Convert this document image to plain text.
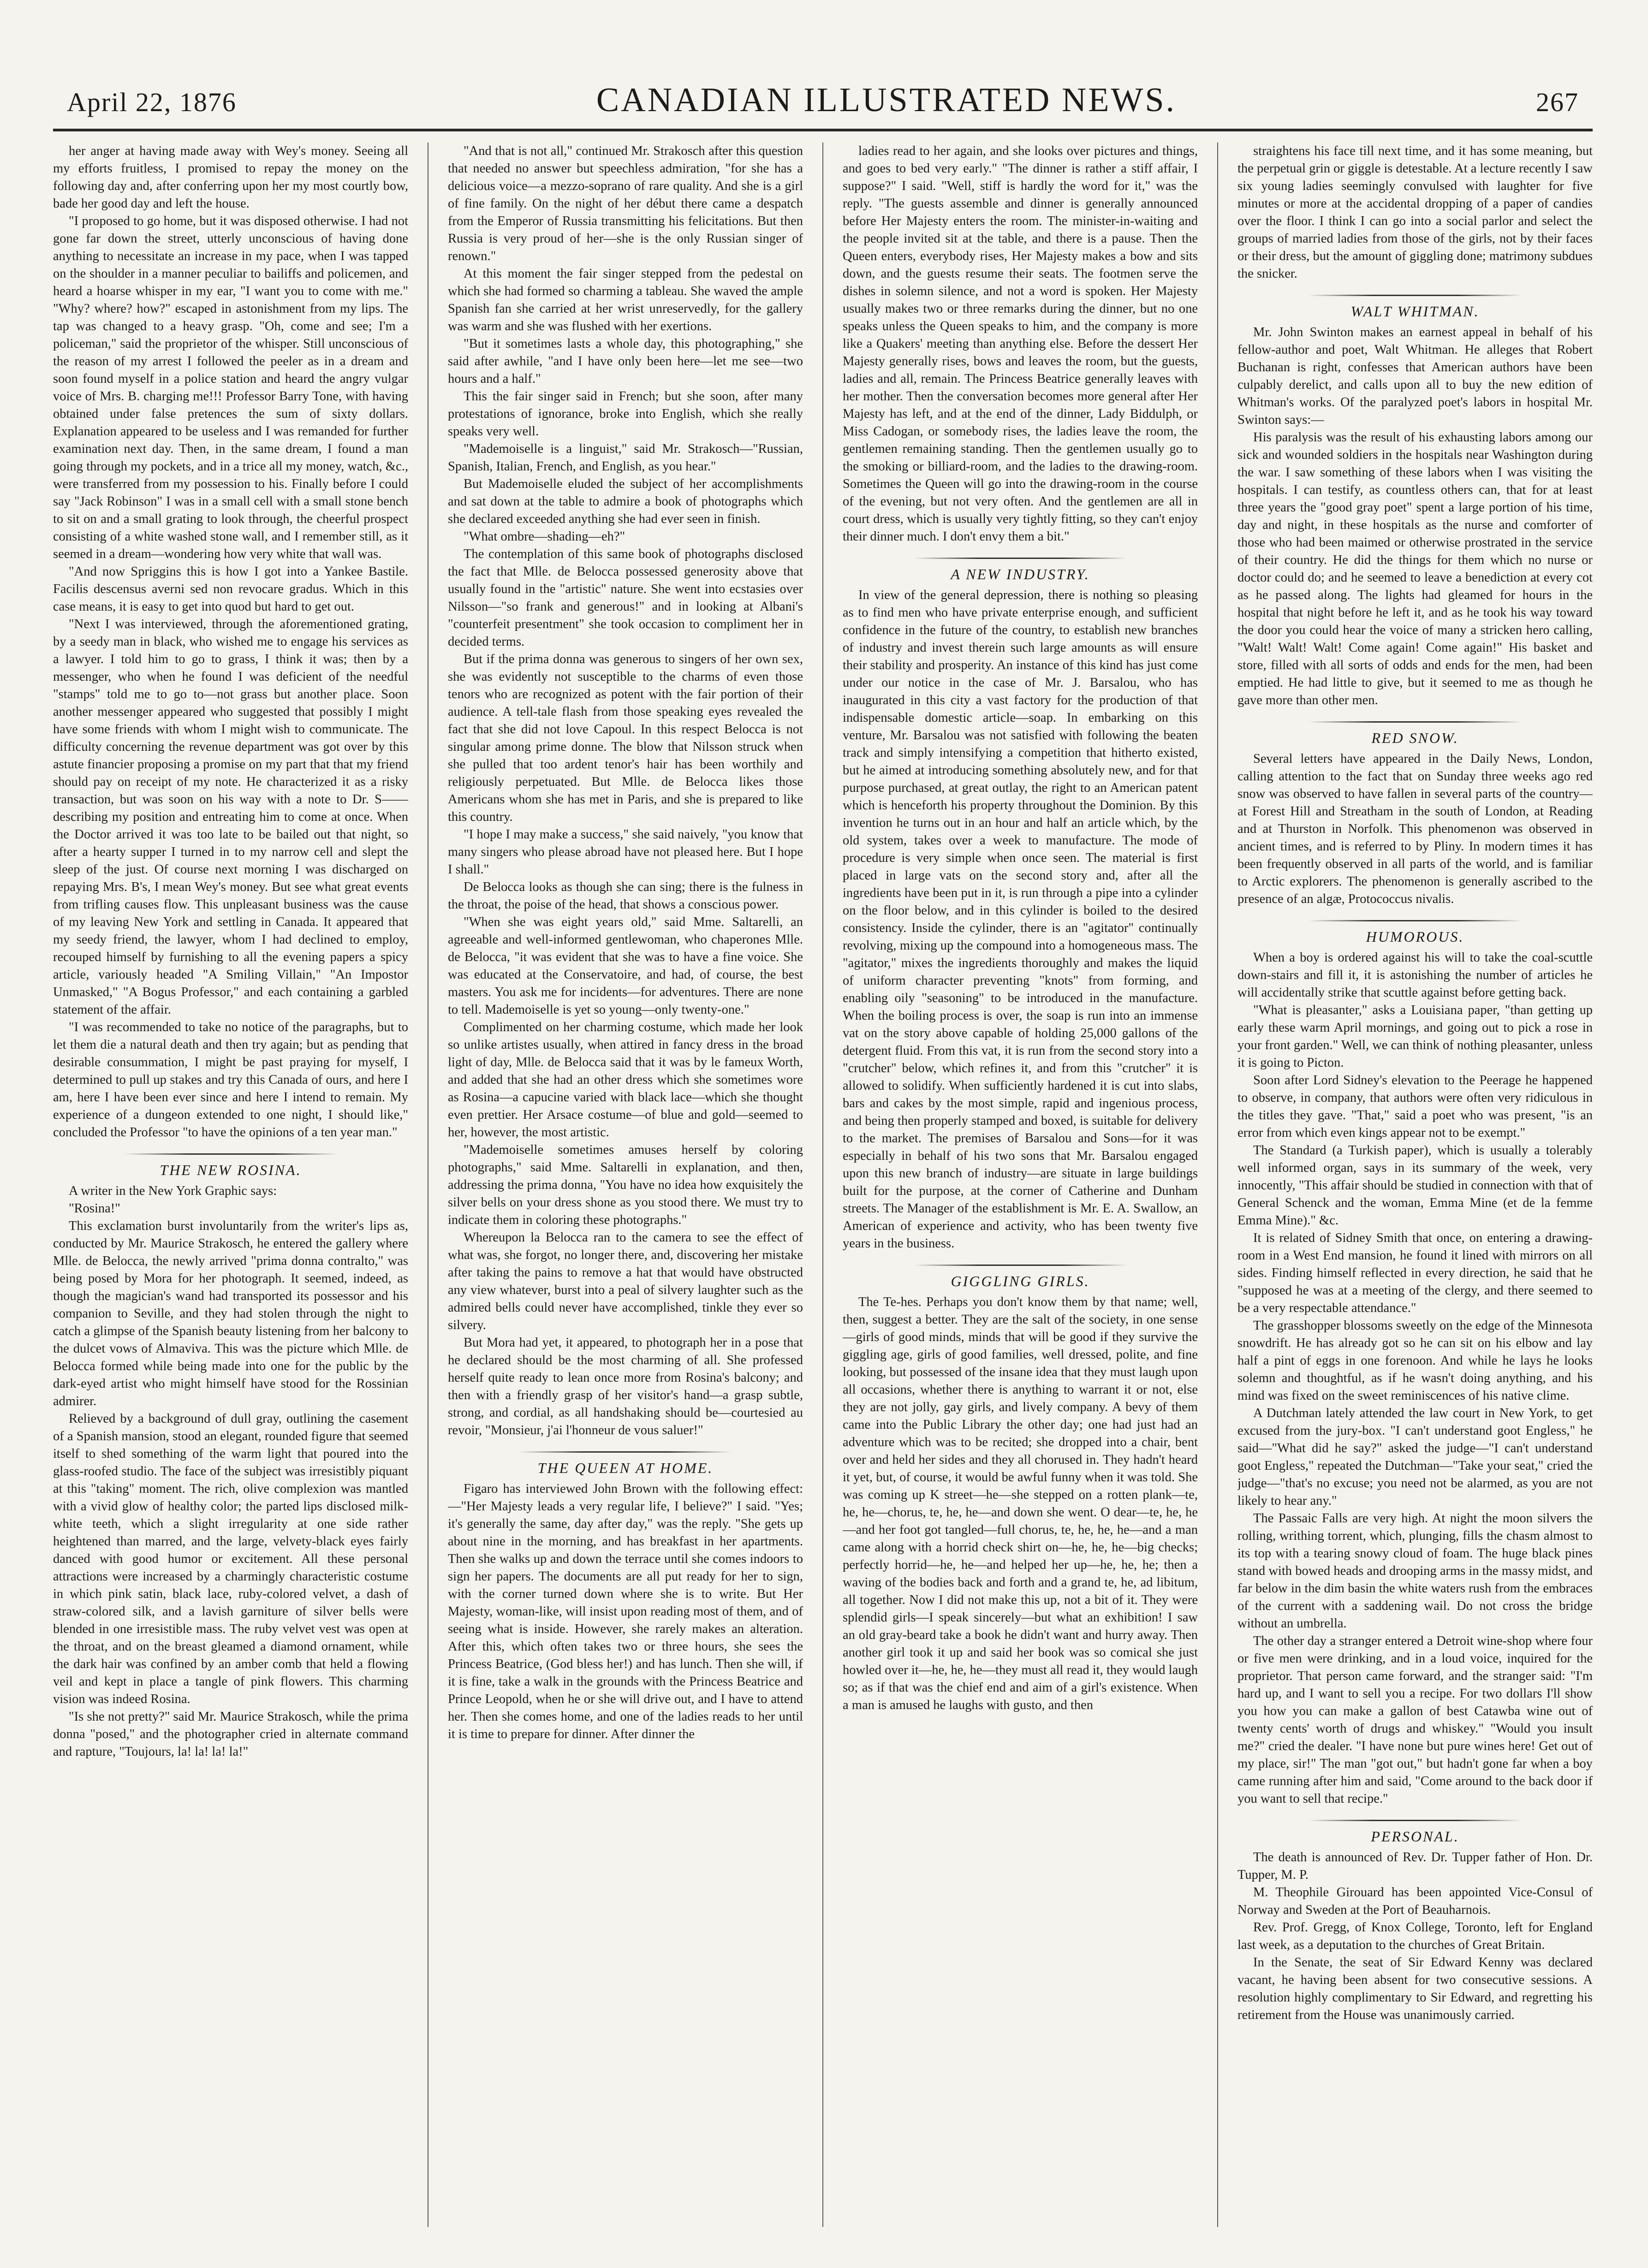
April 22, 1876	CANADIAN ILLUSTRATED NEWS.	267

her anger at having made away with Wey's money. Seeing all my efforts fruitless, I promised to repay the money on the following day and, after conferring upon her my most courtly bow, bade her good day and left the house.

"I proposed to go home, but it was disposed otherwise. I had not gone far down the street, utterly unconscious of having done anything to necessitate an increase in my pace, when I was tapped on the shoulder in a manner peculiar to bailiffs and policemen, and heard a hoarse whisper in my ear, "I want you to come with me." "Why? where? how?" escaped in astonishment from my lips. The tap was changed to a heavy grasp. "Oh, come and see; I'm a policeman," said the proprietor of the whisper. Still unconscious of the reason of my arrest I followed the peeler as in a dream and soon found myself in a police station and heard the angry vulgar voice of Mrs. B. charging me!!! Professor Barry Tone, with having obtained under false pretences the sum of sixty dollars. Explanation appeared to be useless and I was remanded for further examination next day. Then, in the same dream, I found a man going through my pockets, and in a trice all my money, watch, &c., were transferred from my possession to his. Finally before I could say "Jack Robinson" I was in a small cell with a small stone bench to sit on and a small grating to look through, the cheerful prospect consisting of a white washed stone wall, and I remember still, as it seemed in a dream—wondering how very white that wall was.

"And now Spriggins this is how I got into a Yankee Bastile. Facilis descensus averni sed non revocare gradus. Which in this case means, it is easy to get into quod but hard to get out.

"Next I was interviewed, through the aforementioned grating, by a seedy man in black, who wished me to engage his services as a lawyer. I told him to go to grass, I think it was; then by a messenger, who when he found I was deficient of the needful "stamps" told me to go to—not grass but another place. Soon another messenger appeared who suggested that possibly I might have some friends with whom I might wish to communicate. The difficulty concerning the revenue department was got over by this astute financier proposing a promise on my part that that my friend should pay on receipt of my note. He characterized it as a risky transaction, but was soon on his way with a note to Dr. S—— describing my position and entreating him to come at once. When the Doctor arrived it was too late to be bailed out that night, so after a hearty supper I turned in to my narrow cell and slept the sleep of the just. Of course next morning I was discharged on repaying Mrs. B's, I mean Wey's money. But see what great events from trifling causes flow. This unpleasant business was the cause of my leaving New York and settling in Canada. It appeared that my seedy friend, the lawyer, whom I had declined to employ, recouped himself by furnishing to all the evening papers a spicy article, variously headed "A Smiling Villain," "An Impostor Unmasked," "A Bogus Professor," and each containing a garbled statement of the affair.

"I was recommended to take no notice of the paragraphs, but to let them die a natural death and then try again; but as pending that desirable consummation, I might be past praying for myself, I determined to pull up stakes and try this Canada of ours, and here I am, here I have been ever since and here I intend to remain. My experience of a dungeon extended to one night, I should like," concluded the Professor "to have the opinions of a ten year man."

THE NEW ROSINA.

A writer in the New York Graphic says:

"Rosina!"

This exclamation burst involuntarily from the writer's lips as, conducted by Mr. Maurice Strakosch, he entered the gallery where Mlle. de Belocca, the newly arrived "prima donna contralto," was being posed by Mora for her photograph. It seemed, indeed, as though the magician's wand had transported its possessor and his companion to Seville, and they had stolen through the night to catch a glimpse of the Spanish beauty listening from her balcony to the dulcet vows of Almaviva. This was the picture which Mlle. de Belocca formed while being made into one for the public by the dark-eyed artist who might himself have stood for the Rossinian admirer.

Relieved by a background of dull gray, outlining the casement of a Spanish mansion, stood an elegant, rounded figure that seemed itself to shed something of the warm light that poured into the glass-roofed studio. The face of the subject was irresistibly piquant at this "taking" moment. The rich, olive complexion was mantled with a vivid glow of healthy color; the parted lips disclosed milk-white teeth, which a slight irregularity at one side rather heightened than marred, and the large, velvety-black eyes fairly danced with good humor or excitement. All these personal attractions were increased by a charmingly characteristic costume in which pink satin, black lace, ruby-colored velvet, a dash of straw-colored silk, and a lavish garniture of silver bells were blended in one irresistible mass. The ruby velvet vest was open at the throat, and on the breast gleamed a diamond ornament, while the dark hair was confined by an amber comb that held a flowing veil and kept in place a tangle of pink flowers. This charming vision was indeed Rosina.

"Is she not pretty?" said Mr. Maurice Strakosch, while the prima donna "posed," and the photographer cried in alternate command and rapture, "Toujours, la! la! la! la!"

"And that is not all," continued Mr. Strakosch after this question that needed no answer but speechless admiration, "for she has a delicious voice—a mezzo-soprano of rare quality. And she is a girl of fine family. On the night of her début there came a despatch from the Emperor of Russia transmitting his felicitations. But then Russia is very proud of her—she is the only Russian singer of renown."

At this moment the fair singer stepped from the pedestal on which she had formed so charming a tableau. She waved the ample Spanish fan she carried at her wrist unreservedly, for the gallery was warm and she was flushed with her exertions.

"But it sometimes lasts a whole day, this photographing," she said after awhile, "and I have only been here—let me see—two hours and a half."

This the fair singer said in French; but she soon, after many protestations of ignorance, broke into English, which she really speaks very well.

"Mademoiselle is a linguist," said Mr. Strakosch—"Russian, Spanish, Italian, French, and English, as you hear."

But Mademoiselle eluded the subject of her accomplishments and sat down at the table to admire a book of photographs which she declared exceeded anything she had ever seen in finish.

"What ombre—shading—eh?"

The contemplation of this same book of photographs disclosed the fact that Mlle. de Belocca possessed generosity above that usually found in the "artistic" nature. She went into ecstasies over Nilsson—"so frank and generous!" and in looking at Albani's "counterfeit presentment" she took occasion to compliment her in decided terms.

But if the prima donna was generous to singers of her own sex, she was evidently not susceptible to the charms of even those tenors who are recognized as potent with the fair portion of their audience. A tell-tale flash from those speaking eyes revealed the fact that she did not love Capoul. In this respect Belocca is not singular among prime donne. The blow that Nilsson struck when she pulled that too ardent tenor's hair has been worthily and religiously perpetuated. But Mlle. de Belocca likes those Americans whom she has met in Paris, and she is prepared to like this country.

"I hope I may make a success," she said naively, "you know that many singers who please abroad have not pleased here. But I hope I shall."

De Belocca looks as though she can sing; there is the fulness in the throat, the poise of the head, that shows a conscious power.

"When she was eight years old," said Mme. Saltarelli, an agreeable and well-informed gentlewoman, who chaperones Mlle. de Belocca, "it was evident that she was to have a fine voice. She was educated at the Conservatoire, and had, of course, the best masters. You ask me for incidents—for adventures. There are none to tell. Mademoiselle is yet so young—only twenty-one."

Complimented on her charming costume, which made her look so unlike artistes usually, when attired in fancy dress in the broad light of day, Mlle. de Belocca said that it was by le fameux Worth, and added that she had an other dress which she sometimes wore as Rosina—a capucine varied with black lace—which she thought even prettier. Her Arsace costume—of blue and gold—seemed to her, however, the most artistic.

"Mademoiselle sometimes amuses herself by coloring photographs," said Mme. Saltarelli in explanation, and then, addressing the prima donna, "You have no idea how exquisitely the silver bells on your dress shone as you stood there. We must try to indicate them in coloring these photographs."

Whereupon la Belocca ran to the camera to see the effect of what was, she forgot, no longer there, and, discovering her mistake after taking the pains to remove a hat that would have obstructed any view whatever, burst into a peal of silvery laughter such as the admired bells could never have accomplished, tinkle they ever so silvery.

But Mora had yet, it appeared, to photograph her in a pose that he declared should be the most charming of all. She professed herself quite ready to lean once more from Rosina's balcony; and then with a friendly grasp of her visitor's hand—a grasp subtle, strong, and cordial, as all handshaking should be—courtesied au revoir, "Monsieur, j'ai l'honneur de vous saluer!"

THE QUEEN AT HOME.

Figaro has interviewed John Brown with the following effect:—"Her Majesty leads a very regular life, I believe?" I said. "Yes; it's generally the same, day after day," was the reply. "She gets up about nine in the morning, and has breakfast in her apartments. Then she walks up and down the terrace until she comes indoors to sign her papers. The documents are all put ready for her to sign, with the corner turned down where she is to write. But Her Majesty, woman-like, will insist upon reading most of them, and of seeing what is inside. However, she rarely makes an alteration. After this, which often takes two or three hours, she sees the Princess Beatrice, (God bless her!) and has lunch. Then she will, if it is fine, take a walk in the grounds with the Princess Beatrice and Prince Leopold, when he or she will drive out, and I have to attend her. Then she comes home, and one of the ladies reads to her until it is time to prepare for dinner. After dinner the

ladies read to her again, and she looks over pictures and things, and goes to bed very early." "The dinner is rather a stiff affair, I suppose?" I said. "Well, stiff is hardly the word for it," was the reply. "The guests assemble and dinner is generally announced before Her Majesty enters the room. The minister-in-waiting and the people invited sit at the table, and there is a pause. Then the Queen enters, everybody rises, Her Majesty makes a bow and sits down, and the guests resume their seats. The footmen serve the dishes in solemn silence, and not a word is spoken. Her Majesty usually makes two or three remarks during the dinner, but no one speaks unless the Queen speaks to him, and the company is more like a Quakers' meeting than anything else. Before the dessert Her Majesty generally rises, bows and leaves the room, but the guests, ladies and all, remain. The Princess Beatrice generally leaves with her mother. Then the conversation becomes more general after Her Majesty has left, and at the end of the dinner, Lady Biddulph, or Miss Cadogan, or somebody rises, the ladies leave the room, the gentlemen remaining standing. Then the gentlemen usually go to the smoking or billiard-room, and the ladies to the drawing-room. Sometimes the Queen will go into the drawing-room in the course of the evening, but not very often. And the gentlemen are all in court dress, which is usually very tightly fitting, so they can't enjoy their dinner much. I don't envy them a bit."

A NEW INDUSTRY.

In view of the general depression, there is nothing so pleasing as to find men who have private enterprise enough, and sufficient confidence in the future of the country, to establish new branches of industry and invest therein such large amounts as will ensure their stability and prosperity. An instance of this kind has just come under our notice in the case of Mr. J. Barsalou, who has inaugurated in this city a vast factory for the production of that indispensable domestic article—soap. In embarking on this venture, Mr. Barsalou was not satisfied with following the beaten track and simply intensifying a competition that hitherto existed, but he aimed at introducing something absolutely new, and for that purpose purchased, at great outlay, the right to an American patent which is henceforth his property throughout the Dominion. By this invention he turns out in an hour and half an article which, by the old system, takes over a week to manufacture. The mode of procedure is very simple when once seen. The material is first placed in large vats on the second story and, after all the ingredients have been put in it, is run through a pipe into a cylinder on the floor below, and in this cylinder is boiled to the desired consistency. Inside the cylinder, there is an "agitator" continually revolving, mixing up the compound into a homogeneous mass. The "agitator," mixes the ingredients thoroughly and makes the liquid of uniform character preventing "knots" from forming, and enabling oily "seasoning" to be introduced in the manufacture. When the boiling process is over, the soap is run into an immense vat on the story above capable of holding 25,000 gallons of the detergent fluid. From this vat, it is run from the second story into a "crutcher" below, which refines it, and from this "crutcher" it is allowed to solidify. When sufficiently hardened it is cut into slabs, bars and cakes by the most simple, rapid and ingenious process, and being then properly stamped and boxed, is suitable for delivery to the market. The premises of Barsalou and Sons—for it was especially in behalf of his two sons that Mr. Barsalou engaged upon this new branch of industry—are situate in large buildings built for the purpose, at the corner of Catherine and Dunham streets. The Manager of the establishment is Mr. E. A. Swallow, an American of experience and activity, who has been twenty five years in the business.

GIGGLING GIRLS.

The Te-hes. Perhaps you don't know them by that name; well, then, suggest a better. They are the salt of the society, in one sense—girls of good minds, minds that will be good if they survive the giggling age, girls of good families, well dressed, polite, and fine looking, but possessed of the insane idea that they must laugh upon all occasions, whether there is anything to warrant it or not, else they are not jolly, gay girls, and lively company. A bevy of them came into the Public Library the other day; one had just had an adventure which was to be recited; she dropped into a chair, bent over and held her sides and they all chorused in. They hadn't heard it yet, but, of course, it would be awful funny when it was told. She was coming up K street—he—she stepped on a rotten plank—te, he, he—chorus, te, he, he—and down she went. O dear—te, he, he—and her foot got tangled—full chorus, te, he, he, he—and a man came along with a horrid check shirt on—he, he, he—big checks; perfectly horrid—he, he—and helped her up—he, he, he; then a waving of the bodies back and forth and a grand te, he, ad libitum, all together. Now I did not make this up, not a bit of it. They were splendid girls—I speak sincerely—but what an exhibition! I saw an old gray-beard take a book he didn't want and hurry away. Then another girl took it up and said her book was so comical she just howled over it—he, he, he—they must all read it, they would laugh so; as if that was the chief end and aim of a girl's existence. When a man is amused he laughs with gusto, and then

straightens his face till next time, and it has some meaning, but the perpetual grin or giggle is detestable. At a lecture recently I saw six young ladies seemingly convulsed with laughter for five minutes or more at the accidental dropping of a paper of candies over the floor. I think I can go into a social parlor and select the groups of married ladies from those of the girls, not by their faces or their dress, but the amount of giggling done; matrimony subdues the snicker.

WALT WHITMAN.

Mr. John Swinton makes an earnest appeal in behalf of his fellow-author and poet, Walt Whitman. He alleges that Robert Buchanan is right, confesses that American authors have been culpably derelict, and calls upon all to buy the new edition of Whitman's works. Of the paralyzed poet's labors in hospital Mr. Swinton says:—

His paralysis was the result of his exhausting labors among our sick and wounded soldiers in the hospitals near Washington during the war. I saw something of these labors when I was visiting the hospitals. I can testify, as countless others can, that for at least three years the "good gray poet" spent a large portion of his time, day and night, in these hospitals as the nurse and comforter of those who had been maimed or otherwise prostrated in the service of their country. He did the things for them which no nurse or doctor could do; and he seemed to leave a benediction at every cot as he passed along. The lights had gleamed for hours in the hospital that night before he left it, and as he took his way toward the door you could hear the voice of many a stricken hero calling, "Walt! Walt! Walt! Come again! Come again!" His basket and store, filled with all sorts of odds and ends for the men, had been emptied. He had little to give, but it seemed to me as though he gave more than other men.

RED SNOW.

Several letters have appeared in the Daily News, London, calling attention to the fact that on Sunday three weeks ago red snow was observed to have fallen in several parts of the country—at Forest Hill and Streatham in the south of London, at Reading and at Thurston in Norfolk. This phenomenon was observed in ancient times, and is referred to by Pliny. In modern times it has been frequently observed in all parts of the world, and is familiar to Arctic explorers. The phenomenon is generally ascribed to the presence of an algæ, Protococcus nivalis.

HUMOROUS.

When a boy is ordered against his will to take the coal-scuttle down-stairs and fill it, it is astonishing the number of articles he will accidentally strike that scuttle against before getting back.

"What is pleasanter," asks a Louisiana paper, "than getting up early these warm April mornings, and going out to pick a rose in your front garden." Well, we can think of nothing pleasanter, unless it is going to Picton.

Soon after Lord Sidney's elevation to the Peerage he happened to observe, in company, that authors were often very ridiculous in the titles they gave. "That," said a poet who was present, "is an error from which even kings appear not to be exempt."

The Standard (a Turkish paper), which is usually a tolerably well informed organ, says in its summary of the week, very innocently, "This affair should be studied in connection with that of General Schenck and the woman, Emma Mine (et de la femme Emma Mine)." &c.

It is related of Sidney Smith that once, on entering a drawing-room in a West End mansion, he found it lined with mirrors on all sides. Finding himself reflected in every direction, he said that he "supposed he was at a meeting of the clergy, and there seemed to be a very respectable attendance."

The grasshopper blossoms sweetly on the edge of the Minnesota snowdrift. He has already got so he can sit on his elbow and lay half a pint of eggs in one forenoon. And while he lays he looks solemn and thoughtful, as if he wasn't doing anything, and his mind was fixed on the sweet reminiscences of his native clime.

A Dutchman lately attended the law court in New York, to get excused from the jury-box. "I can't understand goot Engless," he said—"What did he say?" asked the judge—"I can't understand goot Engless," repeated the Dutchman—"Take your seat," cried the judge—"that's no excuse; you need not be alarmed, as you are not likely to hear any."

The Passaic Falls are very high. At night the moon silvers the rolling, writhing torrent, which, plunging, fills the chasm almost to its top with a tearing snowy cloud of foam. The huge black pines stand with bowed heads and drooping arms in the massy midst, and far below in the dim basin the white waters rush from the embraces of the current with a saddening wail. Do not cross the bridge without an umbrella.

The other day a stranger entered a Detroit wine-shop where four or five men were drinking, and in a loud voice, inquired for the proprietor. That person came forward, and the stranger said: "I'm hard up, and I want to sell you a recipe. For two dollars I'll show you how you can make a gallon of best Catawba wine out of twenty cents' worth of drugs and whiskey." "Would you insult me?" cried the dealer. "I have none but pure wines here! Get out of my place, sir!" The man "got out," but hadn't gone far when a boy came running after him and said, "Come around to the back door if you want to sell that recipe."

PERSONAL.

The death is announced of Rev. Dr. Tupper father of Hon. Dr. Tupper, M. P.

M. Theophile Girouard has been appointed Vice-Consul of Norway and Sweden at the Port of Beauharnois.

Rev. Prof. Gregg, of Knox College, Toronto, left for England last week, as a deputation to the churches of Great Britain.

In the Senate, the seat of Sir Edward Kenny was declared vacant, he having been absent for two consecutive sessions. A resolution highly complimentary to Sir Edward, and regretting his retirement from the House was unanimously carried.
